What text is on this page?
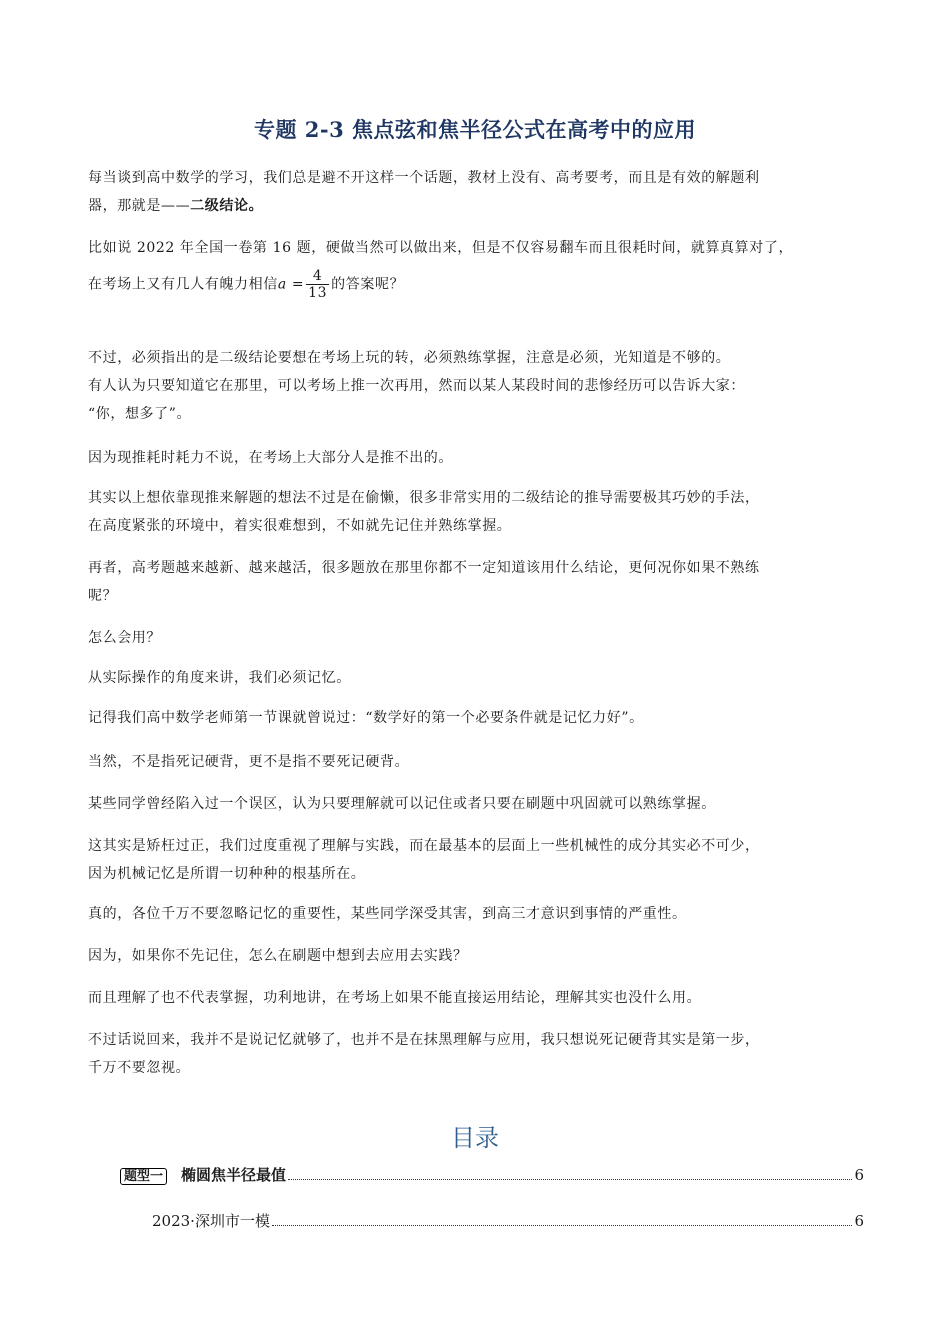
专题 2-3 焦点弦和焦半径公式在高考中的应用
每当谈到高中数学的学习，我们总是避不开这样一个话题，教材上没有、高考要考，而且是有效的解题利
器，那就是——二级结论。
比如说 2022 年全国一卷第 16 题，硬做当然可以做出来，但是不仅容易翻车而且很耗时间，就算真算对了，
在考场上又有几人有魄力相信$a = \frac{4}{13}$ 的答案呢？
不过，必须指出的是二级结论要想在考场上玩的转，必须熟练掌握，注意是必须，光知道是不够的。
有人认为只要知道它在那里，可以考场上推一次再用，然而以某人某段时间的悲惨经历可以告诉大家：
“你，想多了”。
因为现推耗时耗力不说，在考场上大部分人是推不出的。
其实以上想依靠现推来解题的想法不过是在偷懒，很多非常实用的二级结论的推导需要极其巧妙的手法，
在高度紧张的环境中，着实很难想到，不如就先记住并熟练掌握。
再者，高考题越来越新、越来越活，很多题放在那里你都不一定知道该用什么结论，更何况你如果不熟练
呢？
怎么会用？
从实际操作的角度来讲，我们必须记忆。
记得我们高中数学老师第一节课就曾说过：“数学好的第一个必要条件就是记忆力好”。
当然，不是指死记硬背，更不是指不要死记硬背。
某些同学曾经陷入过一个误区，认为只要理解就可以记住或者只要在刷题中巩固就可以熟练掌握。
这其实是矫枉过正，我们过度重视了理解与实践，而在最基本的层面上一些机械性的成分其实必不可少，
因为机械记忆是所谓一切种种的根基所在。
真的，各位千万不要忽略记忆的重要性，某些同学深受其害，到高三才意识到事情的严重性。
因为，如果你不先记住，怎么在刷题中想到去应用去实践？
而且理解了也不代表掌握，功利地讲，在考场上如果不能直接运用结论，理解其实也没什么用。
不过话说回来，我并不是说记忆就够了，也并不是在抹黑理解与应用，我只想说死记硬背其实是第一步，
千万不要忽视。
目录
题型一 椭圆焦半径最值	6
2023·深圳市一模	6
